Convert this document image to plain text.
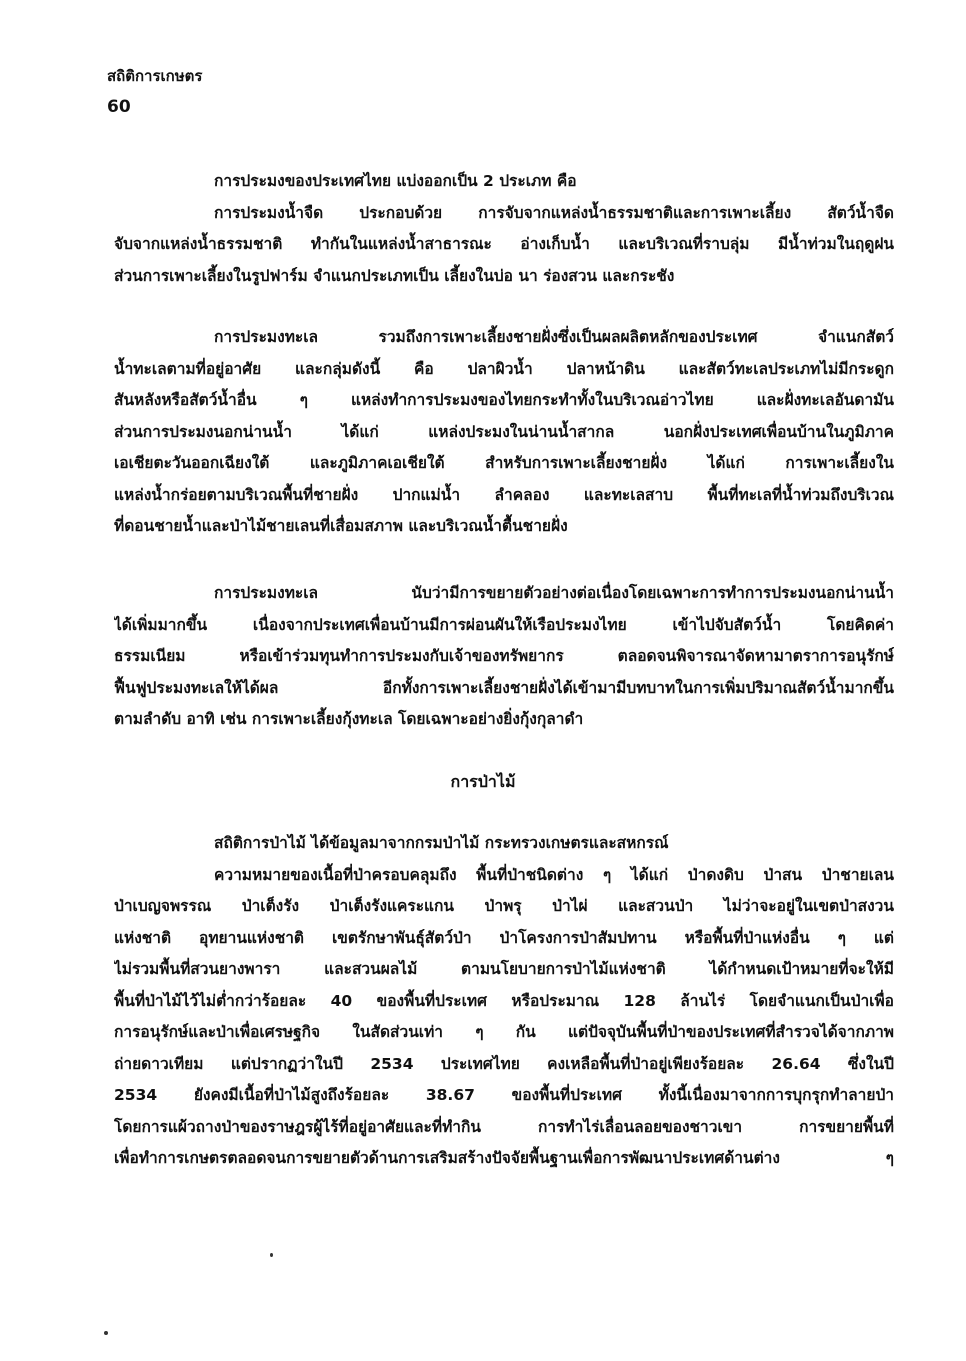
สถิติการเกษตร
60
การประมงของประเทศไทย แบ่งออกเป็น 2 ประเภท คือ
การประมงน้ำจืด ประกอบด้วย การจับจากแหล่งน้ำธรรมชาติและการเพาะเลี้ยง สัตว์น้ำจืด
จับจากแหล่งน้ำธรรมชาติ ทำกันในแหล่งน้ำสาธารณะ อ่างเก็บน้ำ และบริเวณที่ราบลุ่ม มีน้ำท่วมในฤดูฝน
ส่วนการเพาะเลี้ยงในรูปฟาร์ม จำแนกประเภทเป็น เลี้ยงในบ่อ นา ร่องสวน และกระชัง
การประมงทะเล รวมถึงการเพาะเลี้ยงชายฝั่งซึ่งเป็นผลผลิตหลักของประเทศ จำแนกสัตว์
น้ำทะเลตามที่อยู่อาศัย และกลุ่มดังนี้ คือ ปลาผิวน้ำ ปลาหน้าดิน และสัตว์ทะเลประเภทไม่มีกระดูก
สันหลังหรือสัตว์น้ำอื่น ๆ แหล่งทำการประมงของไทยกระทำทั้งในบริเวณอ่าวไทย และฝั่งทะเลอันดามัน
ส่วนการประมงนอกน่านน้ำ ได้แก่ แหล่งประมงในน่านน้ำสากล นอกฝั่งประเทศเพื่อนบ้านในภูมิภาค
เอเชียตะวันออกเฉียงใต้ และภูมิภาคเอเชียใต้ สำหรับการเพาะเลี้ยงชายฝั่ง ได้แก่ การเพาะเลี้ยงใน
แหล่งน้ำกร่อยตามบริเวณพื้นที่ชายฝั่ง ปากแม่น้ำ ลำคลอง และทะเลสาบ พื้นที่ทะเลที่น้ำท่วมถึงบริเวณ
ที่ดอนชายน้ำและป่าไม้ชายเลนที่เสื่อมสภาพ และบริเวณน้ำตื้นชายฝั่ง
การประมงทะเล นับว่ามีการขยายตัวอย่างต่อเนื่องโดยเฉพาะการทำการประมงนอกน่านน้ำ
ได้เพิ่มมากขึ้น เนื่องจากประเทศเพื่อนบ้านมีการผ่อนผันให้เรือประมงไทย เข้าไปจับสัตว์น้ำ โดยคิดค่า
ธรรมเนียม หรือเข้าร่วมทุนทำการประมงกับเจ้าของทรัพยากร ตลอดจนพิจารณาจัดหามาตราการอนุรักษ์
ฟื้นฟูประมงทะเลให้ได้ผล อีกทั้งการเพาะเลี้ยงชายฝั่งได้เข้ามามีบทบาทในการเพิ่มปริมาณสัตว์น้ำมากขึ้น
ตามลำดับ อาทิ เช่น การเพาะเลี้ยงกุ้งทะเล โดยเฉพาะอย่างยิ่งกุ้งกุลาดำ
การป่าไม้
สถิติการป่าไม้ ได้ข้อมูลมาจากกรมป่าไม้ กระทรวงเกษตรและสหกรณ์
ความหมายของเนื้อที่ป่าครอบคลุมถึง พื้นที่ป่าชนิดต่าง ๆ ได้แก่ ป่าดงดิบ ป่าสน ป่าชายเลน
ป่าเบญจพรรณ ป่าเต็งรัง ป่าเต็งรังแคระแกน ป่าพรุ ป่าไผ่ และสวนป่า ไม่ว่าจะอยู่ในเขตป่าสงวน
แห่งชาติ อุทยานแห่งชาติ เขตรักษาพันธุ์สัตว์ป่า ป่าโครงการป่าสัมปทาน หรือพื้นที่ป่าแห่งอื่น ๆ แต่
ไม่รวมพื้นที่สวนยางพารา และสวนผลไม้ ตามนโยบายการป่าไม้แห่งชาติ ได้กำหนดเป้าหมายที่จะให้มี
พื้นที่ป่าไม้ไว้ไม่ต่ำกว่าร้อยละ 40 ของพื้นที่ประเทศ หรือประมาณ 128 ล้านไร่ โดยจำแนกเป็นป่าเพื่อ
การอนุรักษ์และป่าเพื่อเศรษฐกิจ ในสัดส่วนเท่า ๆ กัน แต่ปัจจุบันพื้นที่ป่าของประเทศที่สำรวจได้จากภาพ
ถ่ายดาวเทียม แต่ปรากฏว่าในปี 2534 ประเทศไทย คงเหลือพื้นที่ป่าอยู่เพียงร้อยละ 26.64 ซึ่งในปี
2534 ยังคงมีเนื้อที่ป่าไม้สูงถึงร้อยละ 38.67 ของพื้นที่ประเทศ ทั้งนี้เนื่องมาจากการบุกรุกทำลายป่า
โดยการแผ้วถางป่าของราษฎรผู้ไร้ที่อยู่อาศัยและที่ทำกิน การทำไร่เลื่อนลอยของชาวเขา การขยายพื้นที่
เพื่อทำการเกษตรตลอดจนการขยายตัวด้านการเสริมสร้างปัจจัยพื้นฐานเพื่อการพัฒนาประเทศด้านต่าง ๆ
